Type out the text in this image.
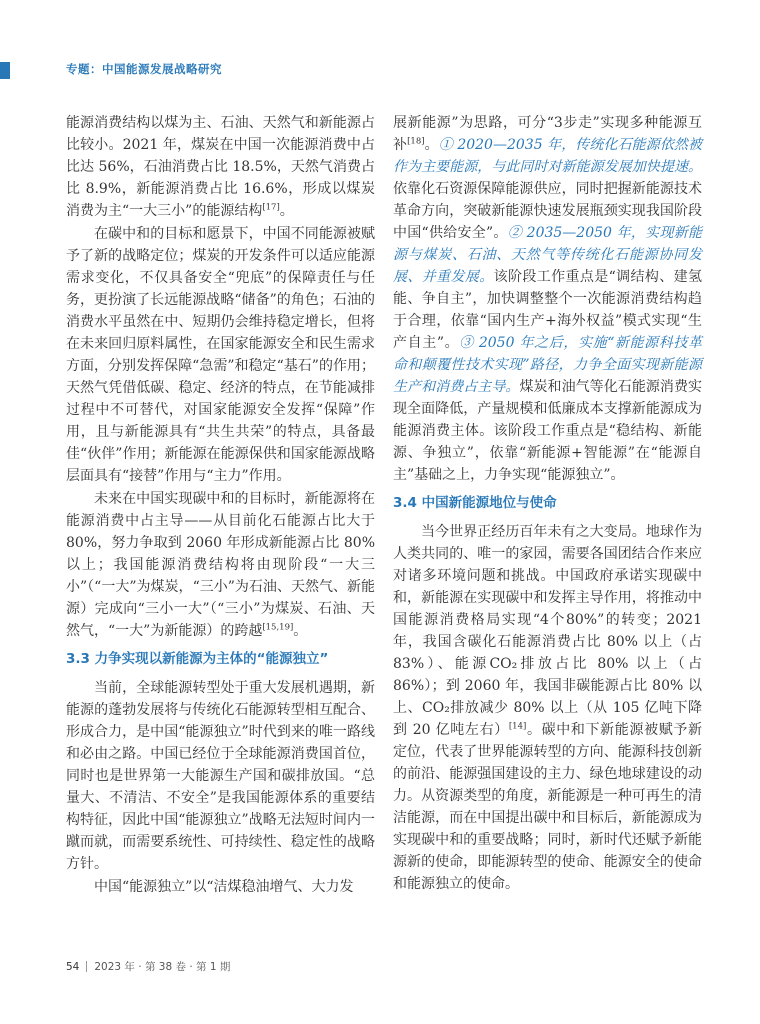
专题：中国能源发展战略研究

能源消费结构以煤为主、石油、天然气和新能源占比较小。2021 年，煤炭在中国一次能源消费中占比达 56%，石油消费占比 18.5%，天然气消费占比 8.9%，新能源消费占比 16.6%，形成以煤炭消费为主“一大三小”的能源结构[17]。

在碳中和的目标和愿景下，中国不同能源被赋予了新的战略定位；煤炭的开发条件可以适应能源需求变化，不仅具备安全“兜底”的保障责任与任务，更扮演了长远能源战略“储备”的角色；石油的消费水平虽然在中、短期仍会维持稳定增长，但将在未来回归原料属性，在国家能源安全和民生需求方面，分别发挥保障“急需”和稳定“基石”的作用；天然气凭借低碳、稳定、经济的特点，在节能减排过程中不可替代，对国家能源安全发挥“保障”作用，且与新能源具有“共生共荣”的特点，具备最佳“伙伴”作用；新能源在能源保供和国家能源战略层面具有“接替”作用与“主力”作用。

未来在中国实现碳中和的目标时，新能源将在能源消费中占主导——从目前化石能源占比大于 80%，努力争取到 2060 年形成新能源占比 80% 以上；我国能源消费结构将由现阶段“一大三小”（“一大”为煤炭，“三小”为石油、天然气、新能源）完成向“三小一大”（“三小”为煤炭、石油、天然气，“一大”为新能源）的跨越[15,19]。

3.3 力争实现以新能源为主体的“能源独立”

当前，全球能源转型处于重大发展机遇期，新能源的蓬勃发展将与传统化石能源转型相互配合、形成合力，是中国“能源独立”时代到来的唯一路线和必由之路。中国已经位于全球能源消费国首位，同时也是世界第一大能源生产国和碳排放国。“总量大、不清洁、不安全”是我国能源体系的重要结构特征，因此中国“能源独立”战略无法短时间内一蹴而就，而需要系统性、可持续性、稳定性的战略方针。

中国“能源独立”以“洁煤稳油增气、大力发

展新能源”为思路，可分“3步走”实现多种能源互补[18]。① 2020—2035 年，传统化石能源依然被作为主要能源，与此同时对新能源发展加快提速。依靠化石资源保障能源供应，同时把握新能源技术革命方向，突破新能源快速发展瓶颈实现我国阶段中国“供给安全”。② 2035—2050 年，实现新能源与煤炭、石油、天然气等传统化石能源协同发展、并重发展。该阶段工作重点是“调结构、建氢能、争自主”，加快调整整个一次能源消费结构趋于合理，依靠“国内生产+海外权益”模式实现“生产自主”。③ 2050 年之后，实施“新能源科技革命和颠覆性技术实现”路径，力争全面实现新能源生产和消费占主导。煤炭和油气等化石能源消费实现全面降低，产量规模和低廉成本支撑新能源成为能源消费主体。该阶段工作重点是“稳结构、新能源、争独立”，依靠“新能源+智能源”在“能源自主”基础之上，力争实现“能源独立”。

3.4 中国新能源地位与使命

当今世界正经历百年未有之大变局。地球作为人类共同的、唯一的家园，需要各国团结合作来应对诸多环境问题和挑战。中国政府承诺实现碳中和，新能源在实现碳中和发挥主导作用，将推动中国能源消费格局实现“4个80%”的转变；2021 年，我国含碳化石能源消费占比 80% 以上（占 83%）、能源CO₂排放占比 80% 以上（占 86%）；到 2060 年，我国非碳能源占比 80% 以上、CO₂排放减少 80% 以上（从 105 亿吨下降到 20 亿吨左右）[14]。碳中和下新能源被赋予新定位，代表了世界能源转型的方向、能源科技创新的前沿、能源强国建设的主力、绿色地球建设的动力。从资源类型的角度，新能源是一种可再生的清洁能源，而在中国提出碳中和目标后，新能源成为实现碳中和的重要战略；同时，新时代还赋予新能源新的使命，即能源转型的使命、能源安全的使命和能源独立的使命。

54 2023 年 · 第 38 卷 · 第 1 期
